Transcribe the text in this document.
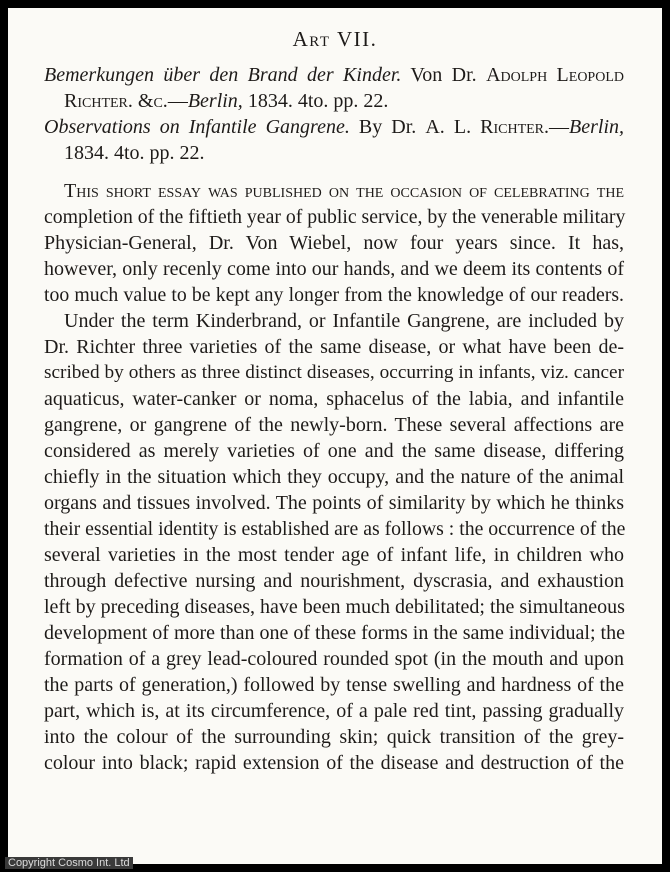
Art VII.

Bemerkungen über den Brand der Kinder. Von Dr. Adolph Leopold

Richter. &c.—Berlin, 1834. 4to. pp. 22.

Observations on Infantile Gangrene. By Dr. A. L. Richter.—Berlin,

1834. 4to. pp. 22.

This short essay was published on the occasion of celebrating the

completion of the fiftieth year of public service, by the venerable military

Physician-General, Dr. Von Wiebel, now four years since. It has,

however, only recenly come into our hands, and we deem its contents of

too much value to be kept any longer from the knowledge of our readers.

Under the term Kinderbrand, or Infantile Gangrene, are included by

Dr. Richter three varieties of the same disease, or what have been de-

scribed by others as three distinct diseases, occurring in infants, viz. cancer

aquaticus, water-canker or noma, sphacelus of the labia, and infantile

gangrene, or gangrene of the newly-born. These several affections are

considered as merely varieties of one and the same disease, differing

chiefly in the situation which they occupy, and the nature of the animal

organs and tissues involved. The points of similarity by which he thinks

their essential identity is established are as follows : the occurrence of the

several varieties in the most tender age of infant life, in children who

through defective nursing and nourishment, dyscrasia, and exhaustion

left by preceding diseases, have been much debilitated; the simultaneous

development of more than one of these forms in the same individual; the

formation of a grey lead-coloured rounded spot (in the mouth and upon

the parts of generation,) followed by tense swelling and hardness of the

part, which is, at its circumference, of a pale red tint, passing gradually

into the colour of the surrounding skin; quick transition of the grey-

colour into black; rapid extension of the disease and destruction of the

Copyright Cosmo Int. Ltd
